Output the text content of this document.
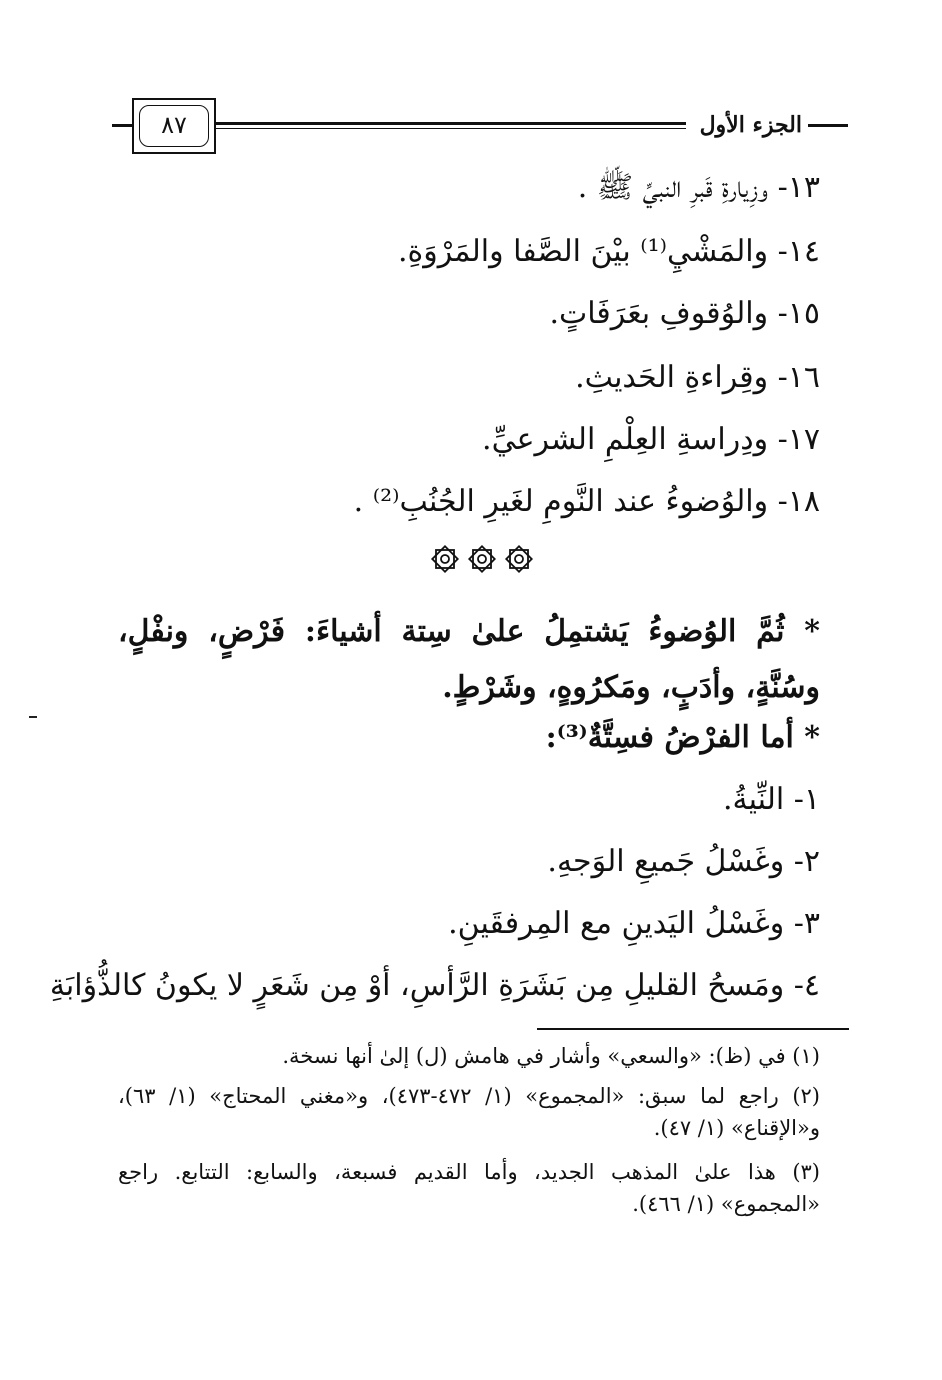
٨٧	الجزء الأول
١٣- وزِيارةِ قَبرِ النبيِّ ﷺ .
١٤- والمَشْيِ⁽¹⁾ بيْنَ الصَّفا والمَرْوَةِ.
١٥- والوُقوفِ بعَرَفَاتٍ.
١٦- وقِراءةِ الحَديثِ.
١٧- ودِراسةِ العِلْمِ الشرعيِّ.
١٨- والوُضوءُ عند النَّومِ لغَيرِ الجُنُبِ⁽²⁾ .
* ثُمَّ الوُضوءُ يَشتمِلُ علىٰ سِتة أشياءَ: فَرْضٍ، ونفْلٍ، وسُنَّةٍ، وأدَبٍ، ومَكرُوهٍ، وشَرْطٍ.
* أما الفرْضُ فسِتَّةٌ⁽³⁾:
١- النِّيةُ.
٢- وغَسْلُ جَميعِ الوَجهِ.
٣- وغَسْلُ اليَدينِ مع المِرفقَينِ.
٤- ومَسحُ القليلِ مِن بَشَرَةِ الرَّأسِ، أوْ مِن شَعَرٍ لا يكونُ كالذُّؤابَةِ
(١) في (ظ): «والسعي» وأشار في هامش (ل) إلىٰ أنها نسخة.
(٢) راجع لما سبق: «المجموع» (١/ ٤٧٢-٤٧٣)، و«مغني المحتاج» (١/ ٦٣)، و«الإقناع» (١/ ٤٧).
(٣) هذا علىٰ المذهب الجديد، وأما القديم فسبعة، والسابع: التتابع. راجع «المجموع» (١/ ٤٦٦).
